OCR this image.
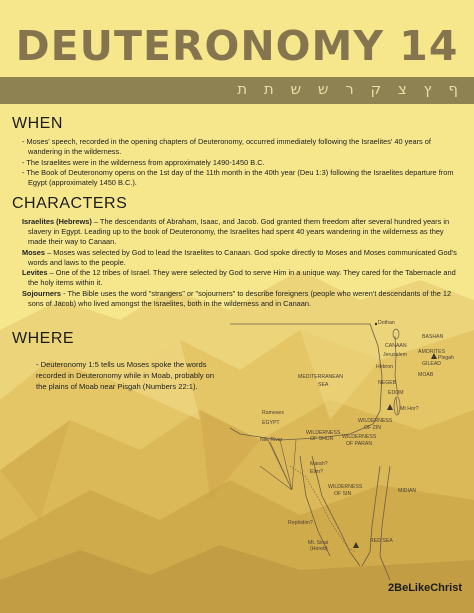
DEUTERONOMY 14
ף ץ צ ק ר ש ש ת ת
WHEN

- Moses' speech, recorded in the opening chapters of Deuteronomy, occurred immediately following the Israelites' 40 years of wandering in the wilderness.

- The Israelites were in the wilderness from approximately 1490-1450 B.C.

- The Book of Deuteronomy opens on the 1st day of the 11th month in the 40th year (Deu 1:3) following the Israelites departure from Egypt (approximately 1450 B.C.).

CHARACTERS

Israelites (Hebrews) – The descendants of Abraham, Isaac, and Jacob. God granted them freedom after several hundred years in slavery in Egypt. Leading up to the book of Deuteronomy, the Israelites had spent 40 years wandering in the wilderness as they made their way to Canaan.

Moses – Moses was selected by God to lead the Israelites to Canaan. God spoke directly to Moses and Moses communicated God's words and laws to the people.

Levites – One of the 12 tribes of Israel. They were selected by God to serve Him in a unique way. They cared for the Tabernacle and the holy items within it.

Sojourners - The Bible uses the word "strangers" or "sojourners" to describe foreigners (people who weren't descendants of the 12 sons of Jacob) who lived amongst the Israelites, both in the wilderness and in Canaan.

WHERE

- Deuteronomy 1:5 tells us Moses spoke the words recorded in Deuteronomy while in Moab, probably on the plains of Moab near Pisgah (Numbers 22:1).

BASHAN
Dothan
GILEAD
CANAAN
Jerusalem AMORITES
Pisgah
Hebron
MOAB
MEDITERRANEAN
SEA	NEGEB
EDOM
Rameses
EGYPT	WILDERNESS
OF ZIN
Mt Hor?
WILDERNESS
OF SHUR WILDERNESS
OF PARAN
Nile River
Marah?
Elim?
WILDERNESS
OF SIN	MIDIAN
Rephidim?
Mt. Sinai
(Horeb)
RED SEA
2BeLikeChrist
